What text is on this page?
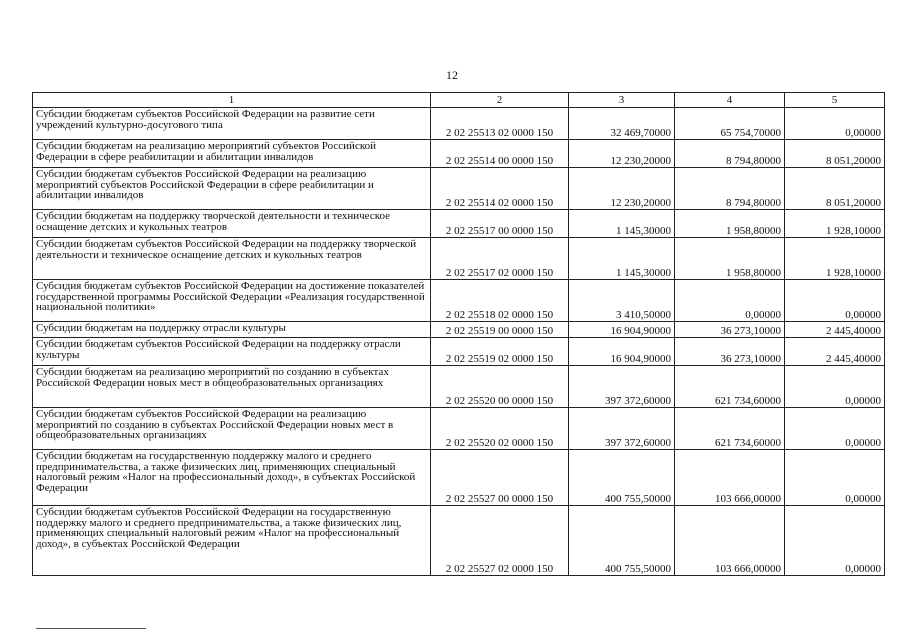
12
1	2	3	4	5
Субсидии бюджетам субъектов Российской Федерации на развитие сети учреждений культурно-досугового типа	2 02 25513 02 0000 150	32 469,70000	65 754,70000	0,00000
Субсидии бюджетам на реализацию мероприятий субъектов Российской Федерации в сфере реабилитации и абилитации инвалидов	2 02 25514 00 0000 150	12 230,20000	8 794,80000	8 051,20000
Субсидии бюджетам субъектов Российской Федерации на реализацию мероприятий субъектов Российской Федерации в сфере реабилитации и абилитации инвалидов	2 02 25514 02 0000 150	12 230,20000	8 794,80000	8 051,20000
Субсидии бюджетам на поддержку творческой деятельности и техническое оснащение детских и кукольных театров	2 02 25517 00 0000 150	1 145,30000	1 958,80000	1 928,10000
Субсидии бюджетам субъектов Российской Федерации на поддержку творческой деятельности и техническое оснащение детских и кукольных театров	2 02 25517 02 0000 150	1 145,30000	1 958,80000	1 928,10000
Субсидия бюджетам субъектов Российской Федерации на достижение показателей государственной программы Российской Федерации «Реализация государственной национальной политики»	2 02 25518 02 0000 150	3 410,50000	0,00000	0,00000
Субсидии бюджетам на поддержку отрасли культуры	2 02 25519 00 0000 150	16 904,90000	36 273,10000	2 445,40000
Субсидии бюджетам субъектов Российской Федерации на поддержку отрасли культуры	2 02 25519 02 0000 150	16 904,90000	36 273,10000	2 445,40000
Субсидии бюджетам на реализацию мероприятий по созданию в субъектах Российской Федерации новых мест в общеобразовательных организациях	2 02 25520 00 0000 150	397 372,60000	621 734,60000	0,00000
Субсидии бюджетам субъектов Российской Федерации на реализацию мероприятий по созданию в субъектах Российской Федерации новых мест в общеобразовательных организациях	2 02 25520 02 0000 150	397 372,60000	621 734,60000	0,00000
Субсидии бюджетам на государственную поддержку малого и среднего предпринимательства, а также физических лиц, применяющих специальный налоговый режим «Налог на профессиональный доход», в субъектах Российской Федерации	2 02 25527 00 0000 150	400 755,50000	103 666,00000	0,00000
Субсидии бюджетам субъектов Российской Федерации на государственную поддержку малого и среднего предпринимательства, а также физических лиц, применяющих специальный налоговый режим «Налог на профессиональный доход», в субъектах Российской Федерации	2 02 25527 02 0000 150	400 755,50000	103 666,00000	0,00000
